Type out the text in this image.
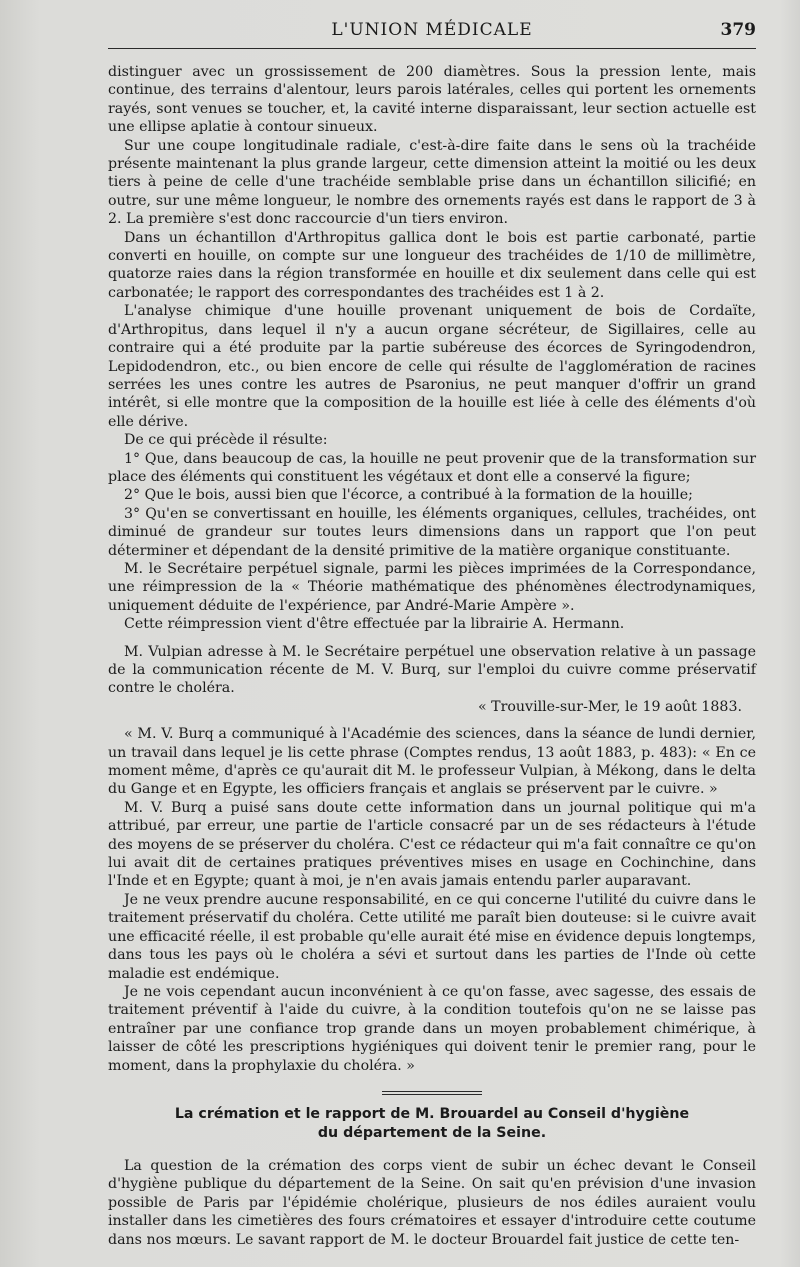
L'UNION MÉDICALE	379

distinguer avec un grossissement de 200 diamètres. Sous la pression lente, mais continue, des terrains d'alentour, leurs parois latérales, celles qui portent les ornements rayés, sont venues se toucher, et, la cavité interne disparaissant, leur section actuelle est une ellipse aplatie à contour sinueux.

Sur une coupe longitudinale radiale, c'est-à-dire faite dans le sens où la trachéide présente maintenant la plus grande largeur, cette dimension atteint la moitié ou les deux tiers à peine de celle d'une trachéide semblable prise dans un échantillon silicifié; en outre, sur une même longueur, le nombre des ornements rayés est dans le rapport de 3 à 2. La première s'est donc raccourcie d'un tiers environ.

Dans un échantillon d'Arthropitus gallica dont le bois est partie carbonaté, partie converti en houille, on compte sur une longueur des trachéides de 1/10 de millimètre, quatorze raies dans la région transformée en houille et dix seulement dans celle qui est carbonatée; le rapport des correspondantes des trachéides est 1 à 2.

L'analyse chimique d'une houille provenant uniquement de bois de Cordaïte, d'Arthropitus, dans lequel il n'y a aucun organe sécréteur, de Sigillaires, celle au contraire qui a été produite par la partie subéreuse des écorces de Syringodendron, Lepidodendron, etc., ou bien encore de celle qui résulte de l'agglomération de racines serrées les unes contre les autres de Psaronius, ne peut manquer d'offrir un grand intérêt, si elle montre que la composition de la houille est liée à celle des éléments d'où elle dérive.

De ce qui précède il résulte:

1° Que, dans beaucoup de cas, la houille ne peut provenir que de la transformation sur place des éléments qui constituent les végétaux et dont elle a conservé la figure;

2° Que le bois, aussi bien que l'écorce, a contribué à la formation de la houille;

3° Qu'en se convertissant en houille, les éléments organiques, cellules, trachéides, ont diminué de grandeur sur toutes leurs dimensions dans un rapport que l'on peut déterminer et dépendant de la densité primitive de la matière organique constituante.

M. le Secrétaire perpétuel signale, parmi les pièces imprimées de la Correspondance, une réimpression de la « Théorie mathématique des phénomènes électrodynamiques, uniquement déduite de l'expérience, par André-Marie Ampère ».

Cette réimpression vient d'être effectuée par la librairie A. Hermann.

M. Vulpian adresse à M. le Secrétaire perpétuel une observation relative à un passage de la communication récente de M. V. Burq, sur l'emploi du cuivre comme préservatif contre le choléra.

« Trouville-sur-Mer, le 19 août 1883.

« M. V. Burq a communiqué à l'Académie des sciences, dans la séance de lundi dernier, un travail dans lequel je lis cette phrase (Comptes rendus, 13 août 1883, p. 483): « En ce moment même, d'après ce qu'aurait dit M. le professeur Vulpian, à Mékong, dans le delta du Gange et en Egypte, les officiers français et anglais se préservent par le cuivre. »

M. V. Burq a puisé sans doute cette information dans un journal politique qui m'a attribué, par erreur, une partie de l'article consacré par un de ses rédacteurs à l'étude des moyens de se préserver du choléra. C'est ce rédacteur qui m'a fait connaître ce qu'on lui avait dit de certaines pratiques préventives mises en usage en Cochinchine, dans l'Inde et en Egypte; quant à moi, je n'en avais jamais entendu parler auparavant.

Je ne veux prendre aucune responsabilité, en ce qui concerne l'utilité du cuivre dans le traitement préservatif du choléra. Cette utilité me paraît bien douteuse: si le cuivre avait une efficacité réelle, il est probable qu'elle aurait été mise en évidence depuis longtemps, dans tous les pays où le choléra a sévi et surtout dans les parties de l'Inde où cette maladie est endémique.

Je ne vois cependant aucun inconvénient à ce qu'on fasse, avec sagesse, des essais de traitement préventif à l'aide du cuivre, à la condition toutefois qu'on ne se laisse pas entraîner par une confiance trop grande dans un moyen probablement chimérique, à laisser de côté les prescriptions hygiéniques qui doivent tenir le premier rang, pour le moment, dans la prophylaxie du choléra. »

La crémation et le rapport de M. Brouardel au Conseil d'hygiène
du département de la Seine.

La question de la crémation des corps vient de subir un échec devant le Conseil d'hygiène publique du département de la Seine. On sait qu'en prévision d'une invasion possible de Paris par l'épidémie cholérique, plusieurs de nos édiles auraient voulu installer dans les cimetières des fours crématoires et essayer d'introduire cette coutume dans nos mœurs. Le savant rapport de M. le docteur Brouardel fait justice de cette ten-
